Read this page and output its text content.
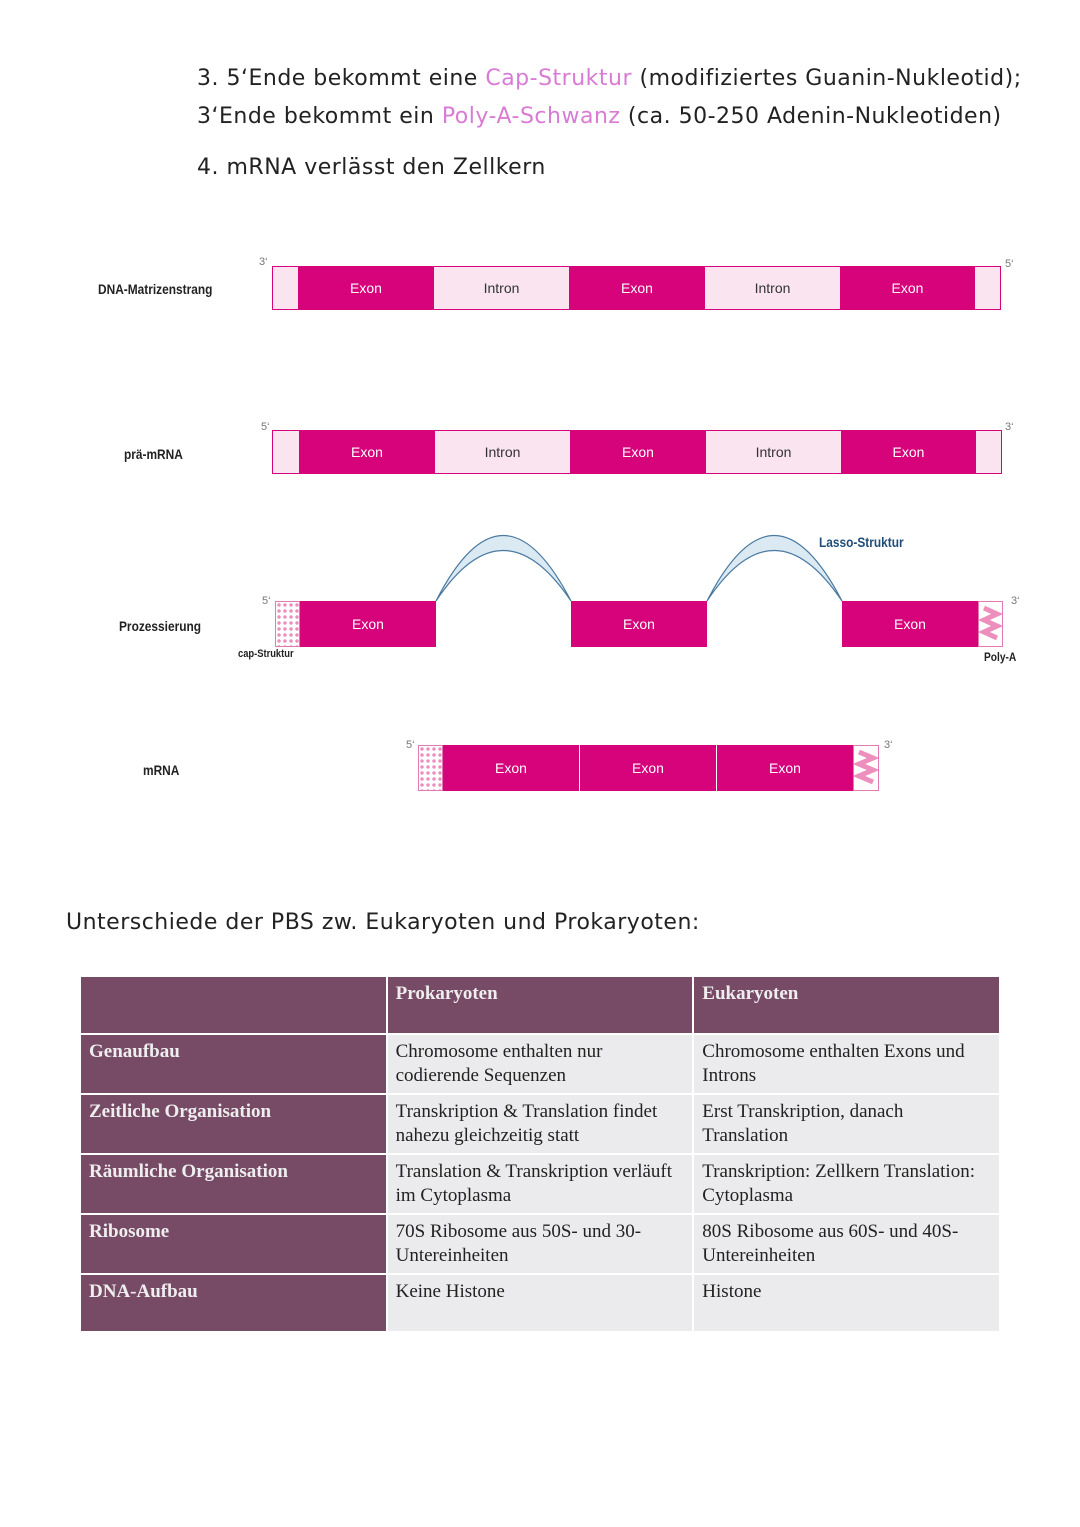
3. 5‘Ende bekommt eine Cap-Struktur (modifiziertes Guanin-Nukleotid);
3‘Ende bekommt ein Poly-A-Schwanz (ca. 50-250 Adenin-Nukleotiden)
4. mRNA verlässt den Zellkern
DNA-Matrizenstrang
3‘	5‘
Exon	Intron	Exon	Intron	Exon
prä-mRNA
5‘	3‘
Exon	Intron	Exon	Intron	Exon
Prozessierung
Lasso-Struktur
5‘	3‘
Exon	Exon	Exon
cap-Struktur	Poly-A
mRNA
5‘	3‘
Exon	Exon	Exon
Unterschiede der PBS zw. Eukaryoten und Prokaryoten:
	Prokaryoten	Eukaryoten
Genaufbau	Chromosome enthalten nur codierende Sequenzen	Chromosome enthalten Exons und Introns
Zeitliche Organisation	Transkription & Translation findet nahezu gleichzeitig statt	Erst Transkription, danach Translation
Räumliche Organisation	Translation & Transkription verläuft im Cytoplasma	Transkription: Zellkern Translation: Cytoplasma
Ribosome	70S Ribosome aus 50S- und 30-Untereinheiten	80S Ribosome aus 60S- und 40S-Untereinheiten
DNA-Aufbau	Keine Histone	Histone
